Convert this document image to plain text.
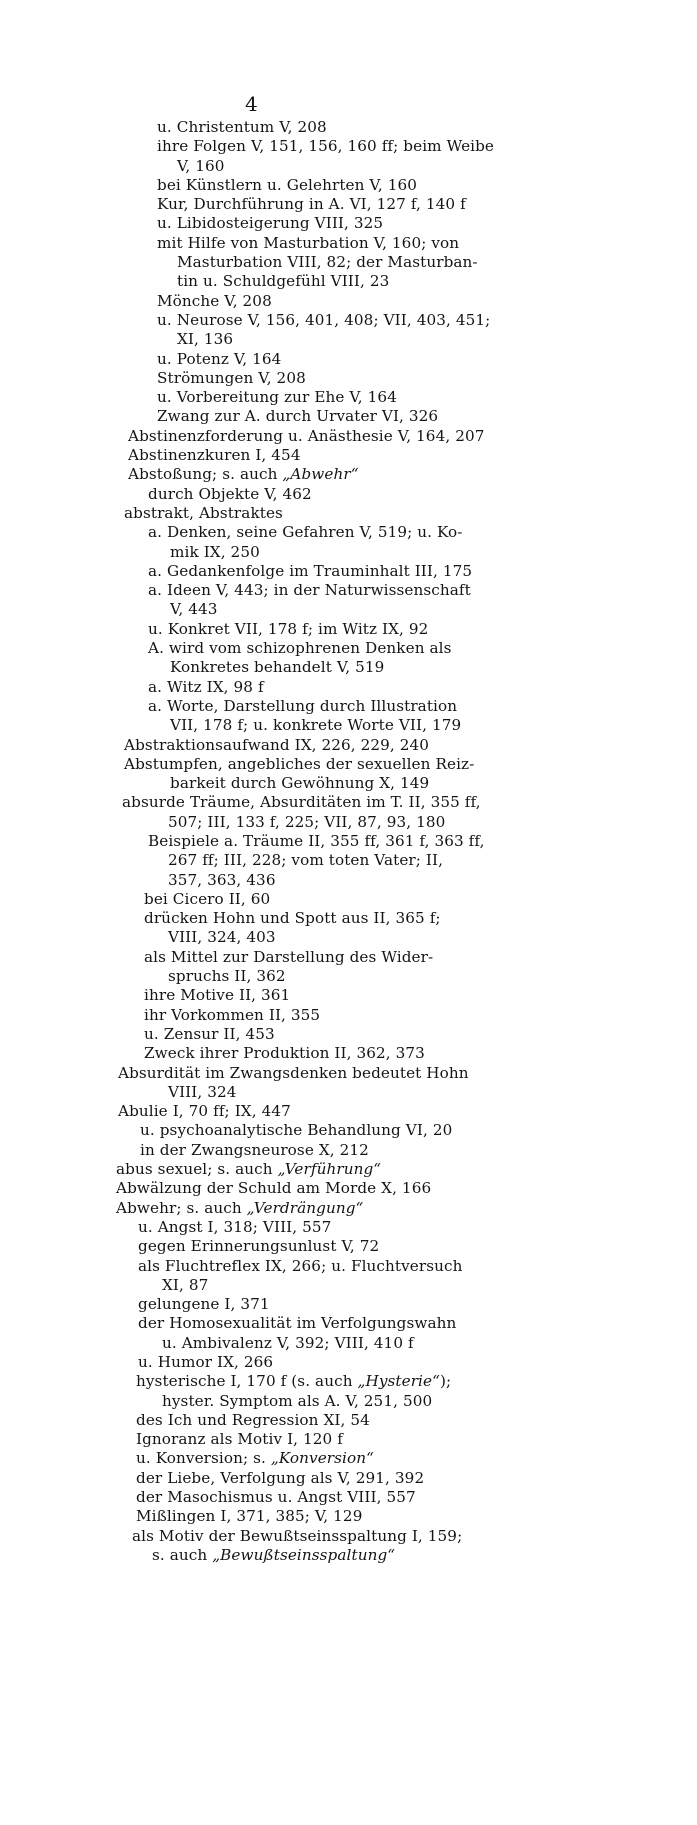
4
u. Christentum V, 208
ihre Folgen V, 151, 156, 160 ff; beim Weibe
V, 160
bei Künstlern u. Gelehrten V, 160
Kur, Durchführung in A. VI, 127 f, 140 f
u. Libidosteigerung VIII, 325
mit Hilfe von Masturbation V, 160; von
Masturbation VIII, 82; der Masturban-
tin u. Schuldgefühl VIII, 23
Mönche V, 208
u. Neurose V, 156, 401, 408; VII, 403, 451;
XI, 136
u. Potenz V, 164
Strömungen V, 208
u. Vorbereitung zur Ehe V, 164
Zwang zur A. durch Urvater VI, 326
Abstinenzforderung u. Anästhesie V, 164, 207
Abstinenzkuren I, 454
Abstoßung; s. auch „Abwehr“
durch Objekte V, 462
abstrakt, Abstraktes
a. Denken, seine Gefahren V, 519; u. Ko-
mik IX, 250
a. Gedankenfolge im Trauminhalt III, 175
a. Ideen V, 443; in der Naturwissenschaft
V, 443
u. Konkret VII, 178 f; im Witz IX, 92
A. wird vom schizophrenen Denken als
Konkretes behandelt V, 519
a. Witz IX, 98 f
a. Worte, Darstellung durch Illustration
VII, 178 f; u. konkrete Worte VII, 179
Abstraktionsaufwand IX, 226, 229, 240
Abstumpfen, angebliches der sexuellen Reiz-
barkeit durch Gewöhnung X, 149
absurde Träume, Absurditäten im T. II, 355 ff,
507; III, 133 f, 225; VII, 87, 93, 180
Beispiele a. Träume II, 355 ff, 361 f, 363 ff,
267 ff; III, 228; vom toten Vater; II,
357, 363, 436
bei Cicero II, 60
drücken Hohn und Spott aus II, 365 f;
VIII, 324, 403
als Mittel zur Darstellung des Wider-
spruchs II, 362
ihre Motive II, 361
ihr Vorkommen II, 355
u. Zensur II, 453
Zweck ihrer Produktion II, 362, 373
Absurdität im Zwangsdenken bedeutet Hohn
VIII, 324
Abulie I, 70 ff; IX, 447
u. psychoanalytische Behandlung VI, 20
in der Zwangsneurose X, 212
abus sexuel; s. auch „Verführung“
Abwälzung der Schuld am Morde X, 166
Abwehr; s. auch „Verdrängung“
u. Angst I, 318; VIII, 557
gegen Erinnerungsunlust V, 72
als Fluchtreflex IX, 266; u. Fluchtversuch
XI, 87
gelungene I, 371
der Homosexualität im Verfolgungswahn
u. Ambivalenz V, 392; VIII, 410 f
u. Humor IX, 266
hysterische I, 170 f (s. auch „Hysterie“);
hyster. Symptom als A. V, 251, 500
des Ich und Regression XI, 54
Ignoranz als Motiv I, 120 f
u. Konversion; s. „Konversion“
der Liebe, Verfolgung als V, 291, 392
der Masochismus u. Angst VIII, 557
Mißlingen I, 371, 385; V, 129
als Motiv der Bewußtseinsspaltung I, 159;
s. auch „Bewußtseinsspaltung“
